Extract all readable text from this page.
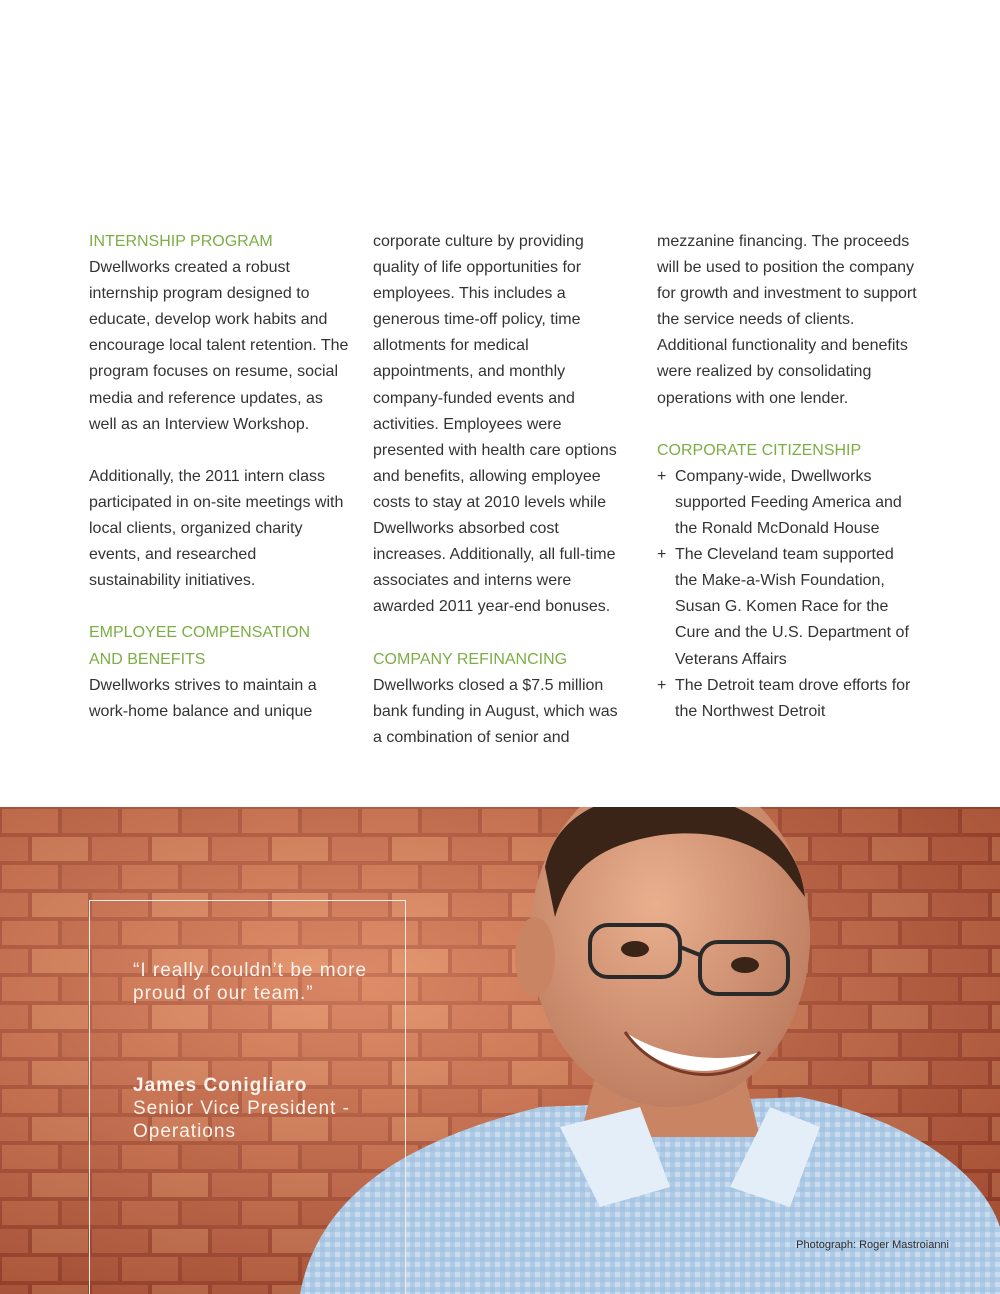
INTERNSHIP PROGRAM

Dwellworks created a robust internship program designed to educate, develop work habits and encourage local talent retention. The program focuses on resume, social media and reference updates, as well as an Interview Workshop.

Additionally, the 2011 intern class participated in on-site meetings with local clients, organized charity events, and researched sustainability initiatives.

EMPLOYEE COMPENSATION
AND BENEFITS

Dwellworks strives to maintain a work-home balance and unique

corporate culture by providing quality of life opportunities for employees. This includes a generous time-off policy, time allotments for medical appointments, and monthly company-funded events and activities. Employees were presented with health care options and benefits, allowing employee costs to stay at 2010 levels while Dwellworks absorbed cost increases. Additionally, all full-time associates and interns were awarded 2011 year-end bonuses.

COMPANY REFINANCING

Dwellworks closed a $7.5 million bank funding in August, which was a combination of senior and

mezzanine financing. The proceeds will be used to position the company for growth and investment to support the service needs of clients. Additional functionality and benefits were realized by consolidating operations with one lender.

CORPORATE CITIZENSHIP
+ Company-wide, Dwellworks supported Feeding America and the Ronald McDonald House
+ The Cleveland team supported the Make-a-Wish Foundation, Susan G. Komen Race for the Cure and the U.S. Department of Veterans Affairs
+ The Detroit team drove efforts for the Northwest Detroit
“I really couldn’t be more proud of our team.”
James Conigliaro
Senior Vice President - Operations
Photograph: Roger Mastroianni
